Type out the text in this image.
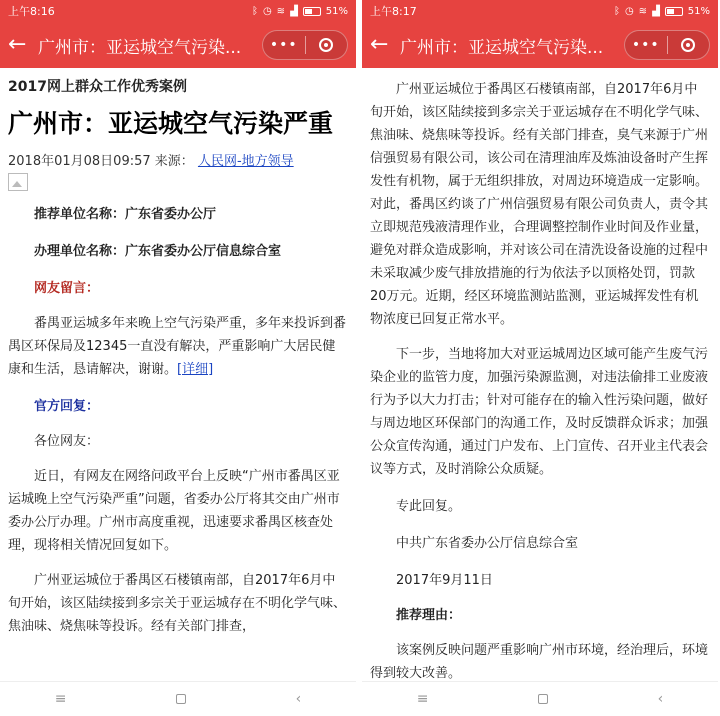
上午8:16	ᛒ ◷ ≋ ▟	51%
← 广州市：亚运城空气污染...	•••
2017网上群众工作优秀案例
广州市：亚运城空气污染严重
2018年01月08日09:57 来源： 人民网-地方领导

推荐单位名称：广东省委办公厅

办理单位名称：广东省委办公厅信息综合室

网友留言：

番禺亚运城多年来晚上空气污染严重，多年来投诉到番禺区环保局及12345一直没有解决，严重影响广大居民健康和生活，恳请解决，谢谢。[详细]

官方回复：

各位网友：

近日，有网友在网络问政平台上反映“广州市番禺区亚运城晚上空气污染严重”问题，省委办公厅将其交由广州市委办公厅办理。广州市高度重视，迅速要求番禺区核查处理，现将相关情况回复如下。

广州亚运城位于番禺区石楼镇南部，自2017年6月中旬开始，该区陆续接到多宗关于亚运城存在不明化学气味、焦油味、烧焦味等投诉。经有关部门排查，

≡	‹
上午8:17	ᛒ ◷ ≋ ▟	51%
← 广州市：亚运城空气污染...	•••

广州亚运城位于番禺区石楼镇南部，自2017年6月中旬开始，该区陆续接到多宗关于亚运城存在不明化学气味、焦油味、烧焦味等投诉。经有关部门排查，臭气来源于广州信强贸易有限公司，该公司在清理油库及炼油设备时产生挥发性有机物，属于无组织排放，对周边环境造成一定影响。对此，番禺区约谈了广州信强贸易有限公司负责人，责令其立即规范残液清理作业，合理调整控制作业时间及作业量，避免对群众造成影响，并对该公司在清洗设备设施的过程中未采取减少废气排放措施的行为依法予以顶格处罚，罚款20万元。近期，经区环境监测站监测，亚运城挥发性有机物浓度已回复正常水平。

下一步，当地将加大对亚运城周边区域可能产生废气污染企业的监管力度，加强污染源监测，对违法偷排工业废液行为予以大力打击；针对可能存在的输入性污染问题，做好与周边地区环保部门的沟通工作，及时反馈群众诉求；加强公众宣传沟通，通过门户发布、上门宣传、召开业主代表会议等方式，及时消除公众质疑。

专此回复。

中共广东省委办公厅信息综合室

2017年9月11日

推荐理由：

该案例反映问题严重影响广州市环境，经治理后，环境得到较大改善。

≡	‹
